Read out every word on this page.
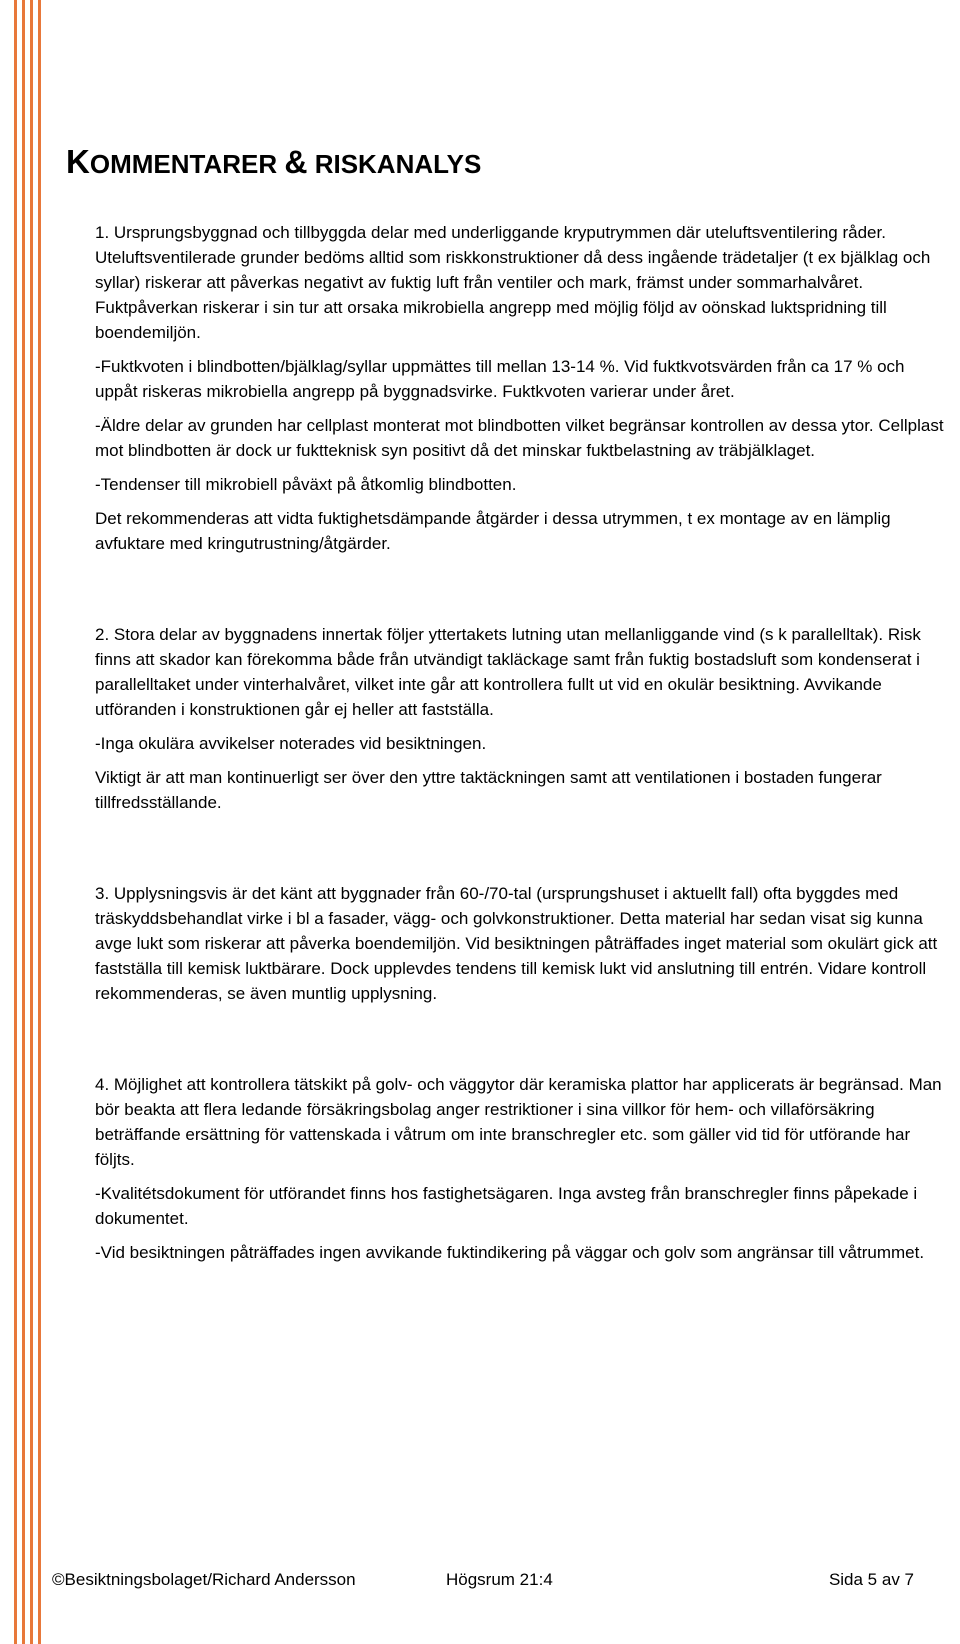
KOMMENTARER & RISKANALYS

1. Ursprungsbyggnad och tillbyggda delar med underliggande kryputrymmen där uteluftsventilering råder. Uteluftsventilerade grunder bedöms alltid som riskkonstruktioner då dess ingående trädetaljer (t ex bjälklag och syllar) riskerar att påverkas negativt av fuktig luft från ventiler och mark, främst under sommarhalvåret. Fuktpåverkan riskerar i sin tur att orsaka mikrobiella angrepp med möjlig följd av oönskad luktspridning till boendemiljön.

-Fuktkvoten i blindbotten/bjälklag/syllar uppmättes till mellan 13-14 %. Vid fuktkvotsvärden från ca 17 % och uppåt riskeras mikrobiella angrepp på byggnadsvirke. Fuktkvoten varierar under året.

-Äldre delar av grunden har cellplast monterat mot blindbotten vilket begränsar kontrollen av dessa ytor. Cellplast mot blindbotten är dock ur fuktteknisk syn positivt då det minskar fuktbelastning av träbjälklaget.

-Tendenser till mikrobiell påväxt på åtkomlig blindbotten.

Det rekommenderas att vidta fuktighetsdämpande åtgärder i dessa utrymmen, t ex montage av en lämplig avfuktare med kringutrustning/åtgärder.

2. Stora delar av byggnadens innertak följer yttertakets lutning utan mellanliggande vind (s k parallelltak). Risk finns att skador kan förekomma både från utvändigt takläckage samt från fuktig bostadsluft som kondenserat i parallelltaket under vinterhalvåret, vilket inte går att kontrollera fullt ut vid en okulär besiktning. Avvikande utföranden i konstruktionen går ej heller att fastställa.

-Inga okulära avvikelser noterades vid besiktningen.

Viktigt är att man kontinuerligt ser över den yttre taktäckningen samt att ventilationen i bostaden fungerar tillfredsställande.

3. Upplysningsvis är det känt att byggnader från 60-/70-tal (ursprungshuset i aktuellt fall) ofta byggdes med träskyddsbehandlat virke i bl a fasader, vägg- och golvkonstruktioner. Detta material har sedan visat sig kunna avge lukt som riskerar att påverka boendemiljön. Vid besiktningen påträffades inget material som okulärt gick att fastställa till kemisk luktbärare. Dock upplevdes tendens till kemisk lukt vid anslutning till entrén. Vidare kontroll rekommenderas, se även muntlig upplysning.

4. Möjlighet att kontrollera tätskikt på golv- och väggytor där keramiska plattor har applicerats är begränsad. Man bör beakta att flera ledande försäkringsbolag anger restriktioner i sina villkor för hem- och villaförsäkring beträffande ersättning för vattenskada i våtrum om inte branschregler etc. som gäller vid tid för utförande har följts.

-Kvalitétsdokument för utförandet finns hos fastighetsägaren. Inga avsteg från branschregler finns påpekade i dokumentet.

-Vid besiktningen påträffades ingen avvikande fuktindikering på väggar och golv som angränsar till våtrummet.

©Besiktningsbolaget/Richard Andersson	Högsrum 21:4	Sida 5 av 7
